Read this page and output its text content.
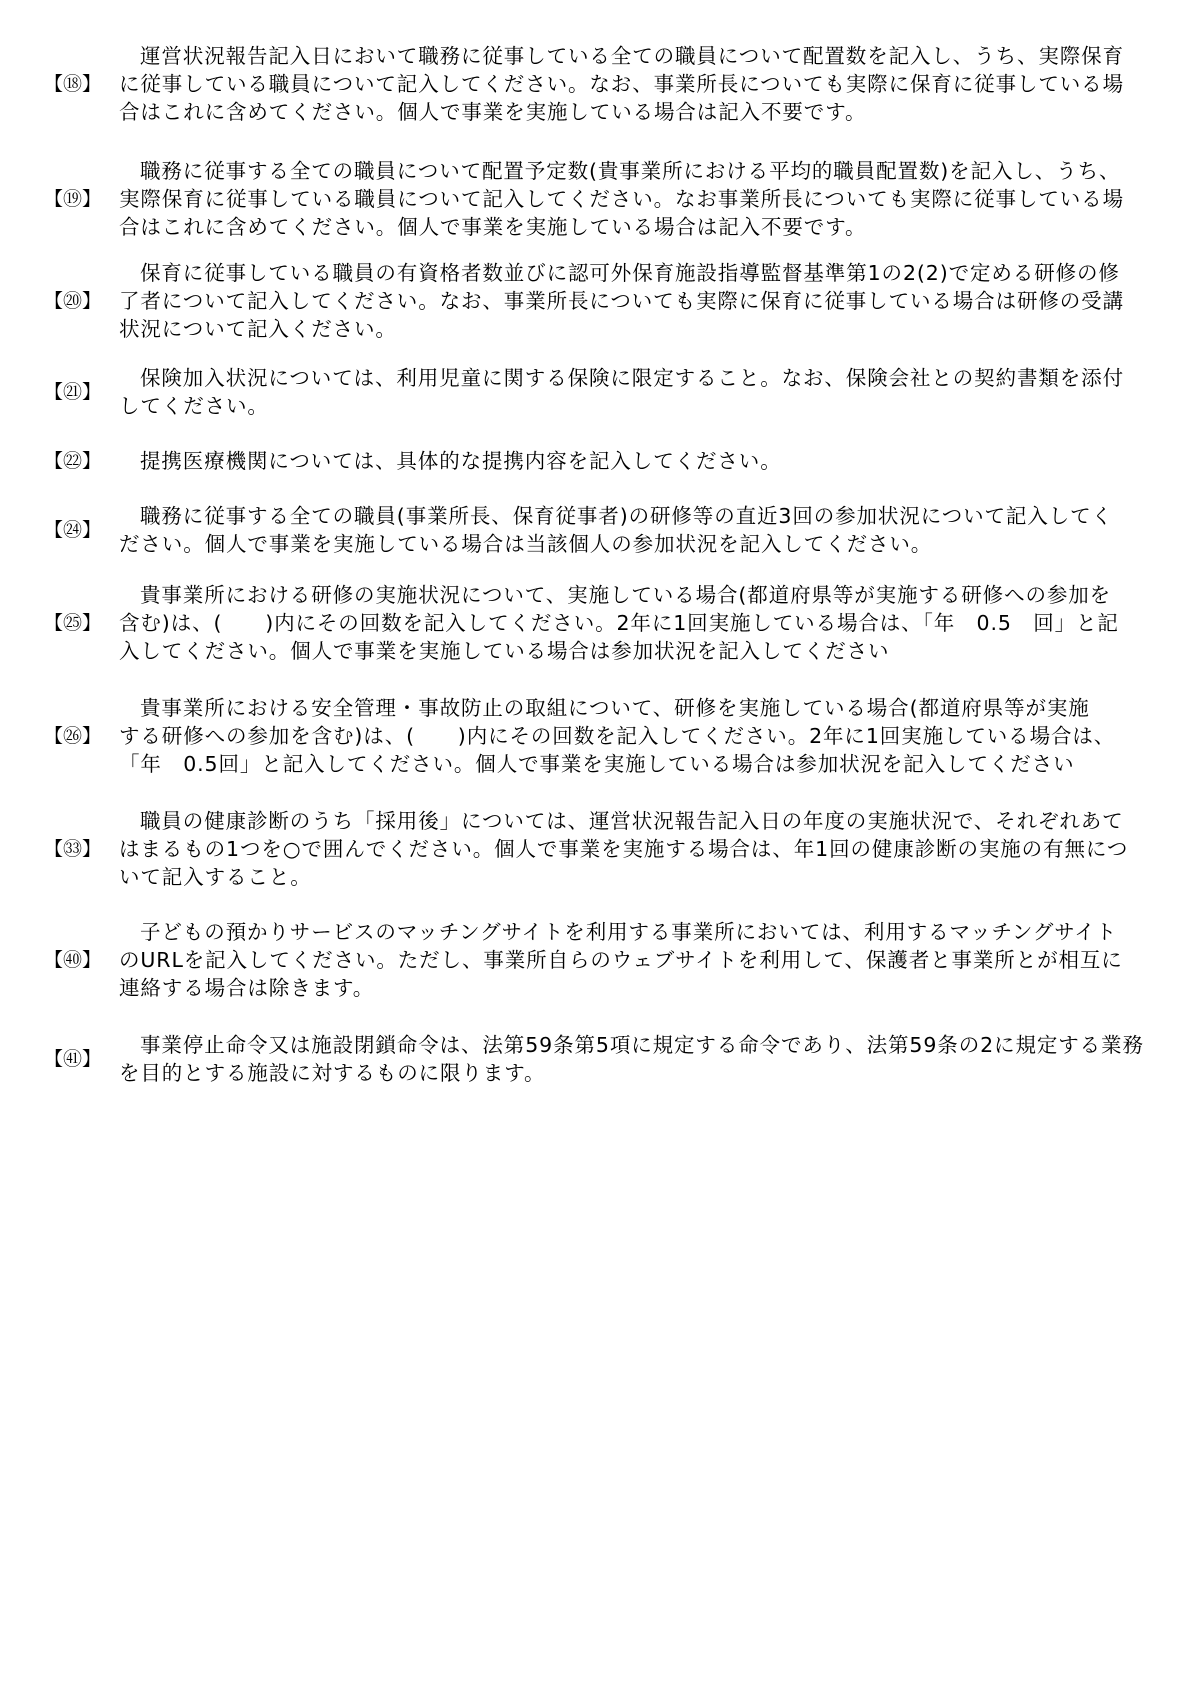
【⑱】
運営状況報告記入日において職務に従事している全ての職員について配置数を記入し、うち、実際保育
に従事している職員について記入してください。なお、事業所長についても実際に保育に従事している場
合はこれに含めてください。個人で事業を実施している場合は記入不要です。
【⑲】
職務に従事する全ての職員について配置予定数(貴事業所における平均的職員配置数)を記入し、うち、
実際保育に従事している職員について記入してください。なお事業所長についても実際に従事している場
合はこれに含めてください。個人で事業を実施している場合は記入不要です。
【⑳】
保育に従事している職員の有資格者数並びに認可外保育施設指導監督基準第1の2(2)で定める研修の修
了者について記入してください。なお、事業所長についても実際に保育に従事している場合は研修の受講
状況について記入ください。
【㉑】
保険加入状況については、利用児童に関する保険に限定すること。なお、保険会社との契約書類を添付
してください。
【㉒】	提携医療機関については、具体的な提携内容を記入してください。
【㉔】
職務に従事する全ての職員(事業所長、保育従事者)の研修等の直近3回の参加状況について記入してく
ださい。個人で事業を実施している場合は当該個人の参加状況を記入してください。
【㉕】
貴事業所における研修の実施状況について、実施している場合(都道府県等が実施する研修への参加を
含む)は、(　　)内にその回数を記入してください。2年に1回実施している場合は、「年　0.5　回」と記
入してください。個人で事業を実施している場合は参加状況を記入してください
【㉖】
貴事業所における安全管理・事故防止の取組について、研修を実施している場合(都道府県等が実施
する研修への参加を含む)は、(　　)内にその回数を記入してください。2年に1回実施している場合は、
「年　0.5回」と記入してください。個人で事業を実施している場合は参加状況を記入してください
【㉝】
職員の健康診断のうち「採用後」については、運営状況報告記入日の年度の実施状況で、それぞれあて
はまるもの1つを○で囲んでください。個人で事業を実施する場合は、年1回の健康診断の実施の有無につ
いて記入すること。
【㊵】
子どもの預かりサービスのマッチングサイトを利用する事業所においては、利用するマッチングサイト
のURLを記入してください。ただし、事業所自らのウェブサイトを利用して、保護者と事業所とが相互に
連絡する場合は除きます。
【㊶】
事業停止命令又は施設閉鎖命令は、法第59条第5項に規定する命令であり、法第59条の2に規定する業務
を目的とする施設に対するものに限ります。
